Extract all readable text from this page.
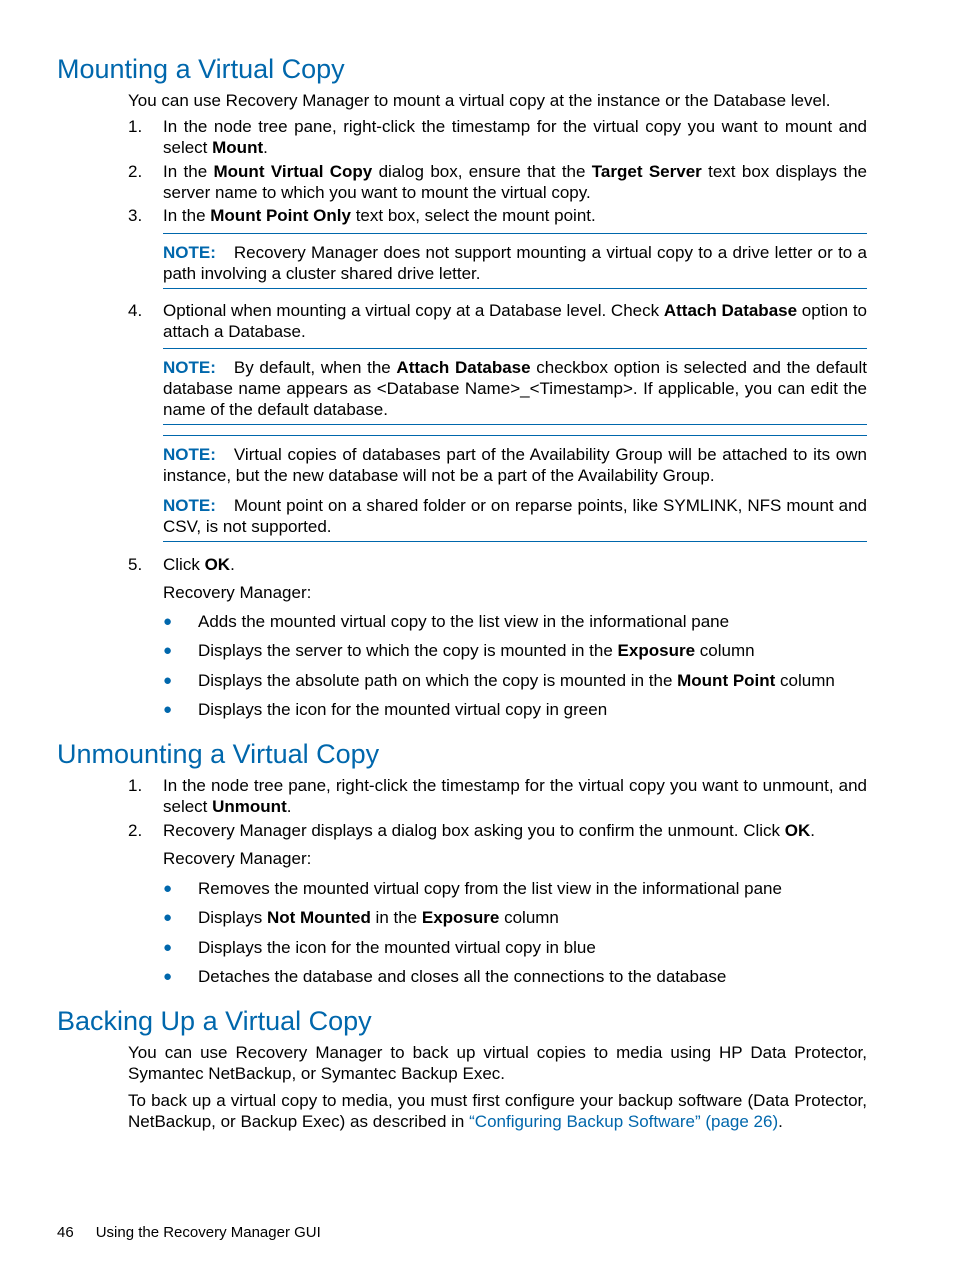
Mounting a Virtual Copy

You can use Recovery Manager to mount a virtual copy at the instance or the Database level.

1. In the node tree pane, right-click the timestamp for the virtual copy you want to mount and select Mount.
2. In the Mount Virtual Copy dialog box, ensure that the Target Server text box displays the server name to which you want to mount the virtual copy.
3. In the Mount Point Only text box, select the mount point.
NOTE: Recovery Manager does not support mounting a virtual copy to a drive letter or to a path involving a cluster shared drive letter.
4. Optional when mounting a virtual copy at a Database level. Check Attach Database option to attach a Database.
NOTE: By default, when the Attach Database checkbox option is selected and the default database name appears as <Database Name>_<Timestamp>. If applicable, you can edit the name of the default database.
NOTE: Virtual copies of databases part of the Availability Group will be attached to its own instance, but the new database will not be a part of the Availability Group.
NOTE: Mount point on a shared folder or on reparse points, like SYMLINK, NFS mount and CSV, is not supported.
5. Click OK.

Recovery Manager:

● Adds the mounted virtual copy to the list view in the informational pane
● Displays the server to which the copy is mounted in the Exposure column
● Displays the absolute path on which the copy is mounted in the Mount Point column
● Displays the icon for the mounted virtual copy in green
Unmounting a Virtual Copy
1. In the node tree pane, right-click the timestamp for the virtual copy you want to unmount, and select Unmount.
2. Recovery Manager displays a dialog box asking you to confirm the unmount. Click OK.

Recovery Manager:

● Removes the mounted virtual copy from the list view in the informational pane
● Displays Not Mounted in the Exposure column
● Displays the icon for the mounted virtual copy in blue
● Detaches the database and closes all the connections to the database
Backing Up a Virtual Copy

You can use Recovery Manager to back up virtual copies to media using HP Data Protector, Symantec NetBackup, or Symantec Backup Exec.

To back up a virtual copy to media, you must first configure your backup software (Data Protector, NetBackup, or Backup Exec) as described in “Configuring Backup Software” (page 26).

46 Using the Recovery Manager GUI
